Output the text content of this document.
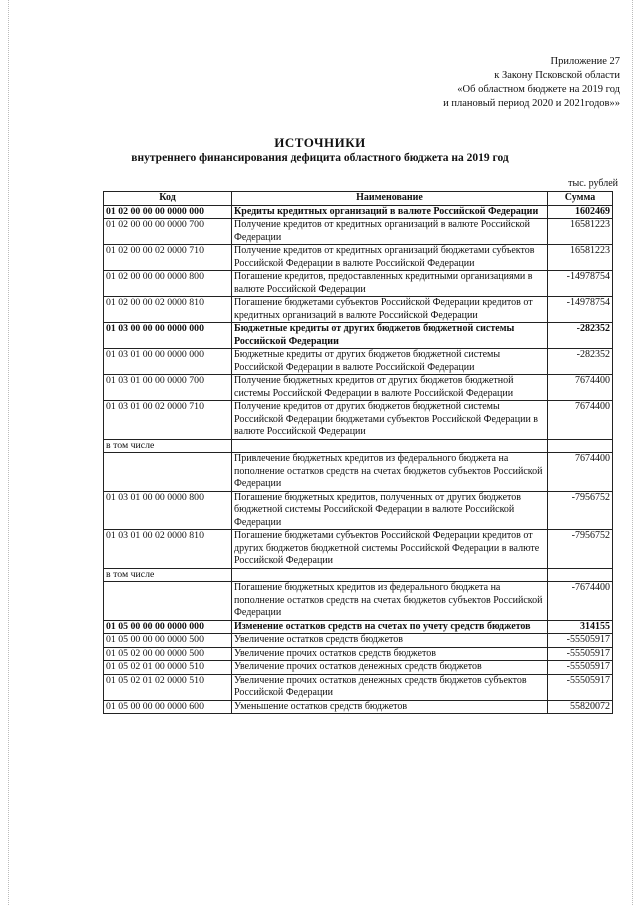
Приложение 27
к Закону Псковской области
«Об областном бюджете на 2019 год
и плановый период 2020 и 2021годов»»
ИСТОЧНИКИ
внутреннего финансирования дефицита областного бюджета на 2019 год
тыс. рублей
Код	Наименование	Сумма
01 02 00 00 00 0000 000	Кредиты кредитных организаций в валюте Российской Федерации	1602469
01 02 00 00 00 0000 700	Получение кредитов от кредитных организаций в валюте Российской Федерации	16581223
01 02 00 00 02 0000 710	Получение кредитов от кредитных организаций бюджетами субъектов Российской Федерации в валюте Российской Федерации	16581223
01 02 00 00 00 0000 800	Погашение кредитов, предоставленных кредитными организациями в валюте Российской Федерации	-14978754
01 02 00 00 02 0000 810	Погашение бюджетами субъектов Российской Федерации кредитов от кредитных организаций в валюте Российской Федерации	-14978754
01 03 00 00 00 0000 000	Бюджетные кредиты от других бюджетов бюджетной системы Российской Федерации	-282352
01 03 01 00 00 0000 000	Бюджетные кредиты от других бюджетов бюджетной системы Российской Федерации в валюте Российской Федерации	-282352
01 03 01 00 00 0000 700	Получение бюджетных кредитов от других бюджетов бюджетной системы Российской Федерации в валюте Российской Федерации	7674400
01 03 01 00 02 0000 710	Получение кредитов от других бюджетов бюджетной системы Российской Федерации бюджетами субъектов Российской Федерации в валюте Российской Федерации	7674400
в том числе		
	Привлечение бюджетных кредитов из федерального бюджета на пополнение остатков средств на счетах бюджетов субъектов Российской Федерации	7674400
01 03 01 00 00 0000 800	Погашение бюджетных кредитов, полученных от других бюджетов бюджетной системы Российской Федерации в валюте Российской Федерации	-7956752
01 03 01 00 02 0000 810	Погашение бюджетами субъектов Российской Федерации кредитов от других бюджетов бюджетной системы Российской Федерации в валюте Российской Федерации	-7956752
в том числе		
	Погашение бюджетных кредитов из федерального бюджета на пополнение остатков средств на счетах бюджетов субъектов Российской Федерации	-7674400
01 05 00 00 00 0000 000	Изменение остатков средств на счетах по учету средств бюджетов	314155
01 05 00 00 00 0000 500	Увеличение остатков средств бюджетов	-55505917
01 05 02 00 00 0000 500	Увеличение прочих остатков средств бюджетов	-55505917
01 05 02 01 00 0000 510	Увеличение прочих остатков денежных средств бюджетов	-55505917
01 05 02 01 02 0000 510	Увеличение прочих остатков денежных средств бюджетов субъектов Российской Федерации	-55505917
01 05 00 00 00 0000 600	Уменьшение остатков средств бюджетов	55820072
